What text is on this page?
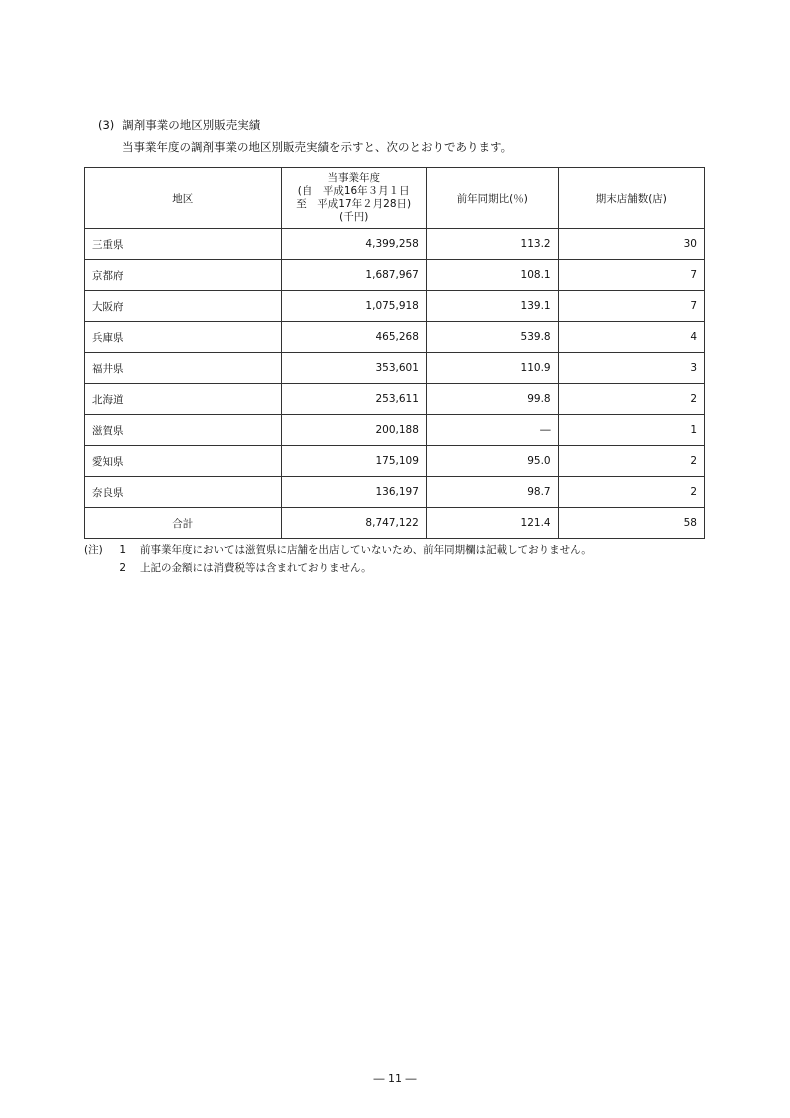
(3) 調剤事業の地区別販売実績
当事業年度の調剤事業の地区別販売実績を示すと、次のとおりであります。
地区	当事業年度
(自　平成16年３月１日
至　平成17年２月28日)
(千円)	前年同期比(％)	期末店舗数(店)
三重県	4,399,258	113.2	30
京都府	1,687,967	108.1	7
大阪府	1,075,918	139.1	7
兵庫県	465,268	539.8	4
福井県	353,601	110.9	3
北海道	253,611	99.8	2
滋賀県	200,188	―	1
愛知県	175,109	95.0	2
奈良県	136,197	98.7	2
合計	8,747,122	121.4	58
(注)	1 前事業年度においては滋賀県に店舗を出店していないため、前年同期欄は記載しておりません。
2 上記の金額には消費税等は含まれておりません。
― 11 ―
